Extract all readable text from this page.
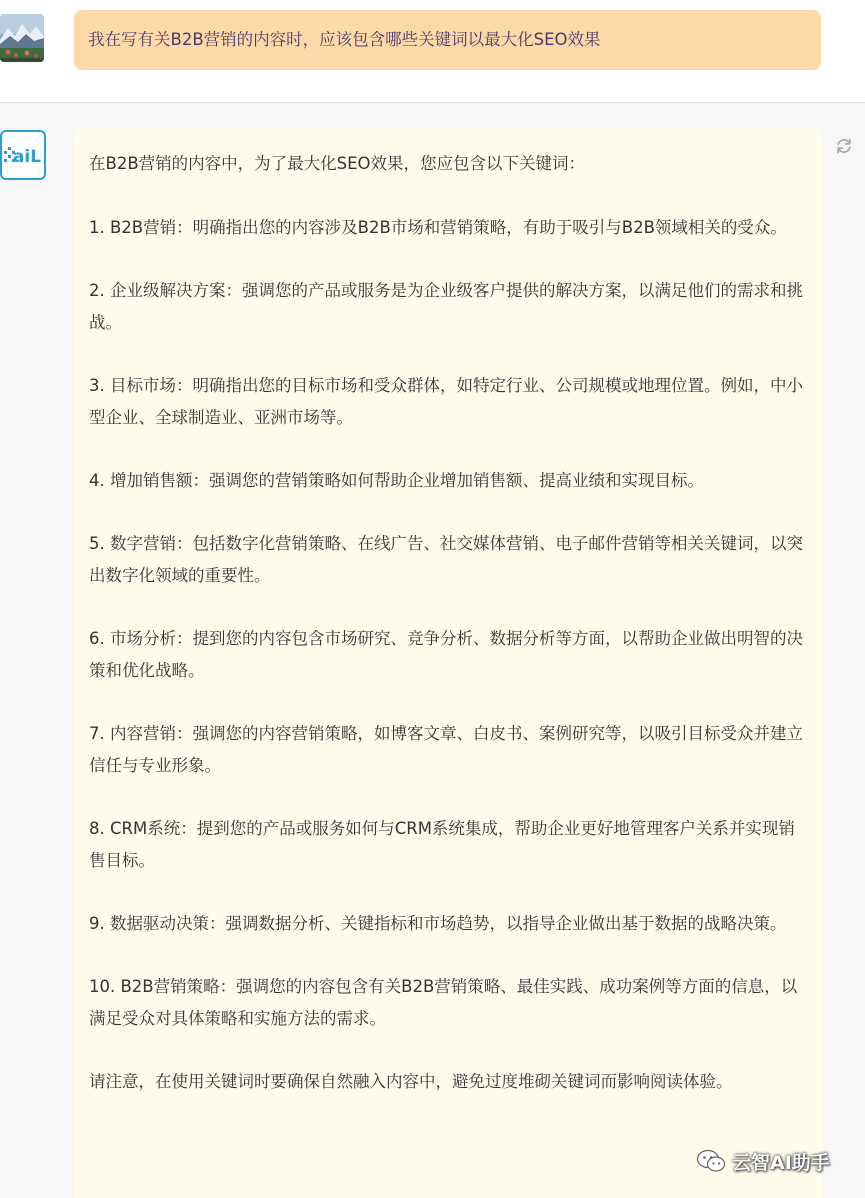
我在写有关B2B营销的内容时，应该包含哪些关键词以最大化SEO效果
aiL	在B2B营销的内容中，为了最大化SEO效果，您应包含以下关键词：

1. B2B营销：明确指出您的内容涉及B2B市场和营销策略，有助于吸引与B2B领域相关的受众。

2. 企业级解决方案：强调您的产品或服务是为企业级客户提供的解决方案，以满足他们的需求和挑战。

3. 目标市场：明确指出您的目标市场和受众群体，如特定行业、公司规模或地理位置。例如，中小型企业、全球制造业、亚洲市场等。

4. 增加销售额：强调您的营销策略如何帮助企业增加销售额、提高业绩和实现目标。

5. 数字营销：包括数字化营销策略、在线广告、社交媒体营销、电子邮件营销等相关关键词，以突出数字化领域的重要性。

6. 市场分析：提到您的内容包含市场研究、竞争分析、数据分析等方面，以帮助企业做出明智的决策和优化战略。

7. 内容营销：强调您的内容营销策略，如博客文章、白皮书、案例研究等，以吸引目标受众并建立信任与专业形象。

8. CRM系统：提到您的产品或服务如何与CRM系统集成，帮助企业更好地管理客户关系并实现销售目标。

9. 数据驱动决策：强调数据分析、关键指标和市场趋势，以指导企业做出基于数据的战略决策。

10. B2B营销策略：强调您的内容包含有关B2B营销策略、最佳实践、成功案例等方面的信息，以满足受众对具体策略和实施方法的需求。

请注意，在使用关键词时要确保自然融入内容中，避免过度堆砌关键词而影响阅读体验。

云智AI助手
